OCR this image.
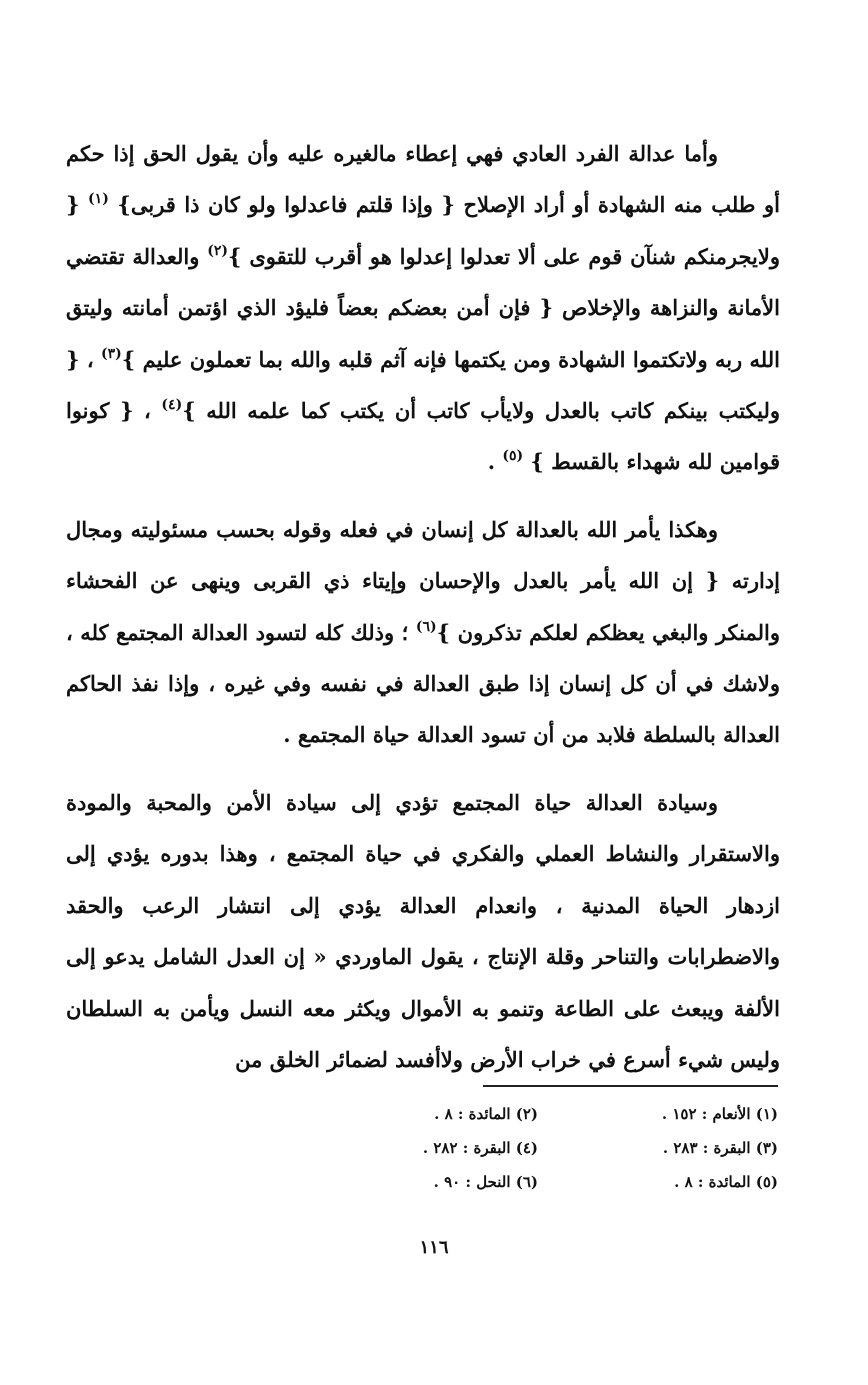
وأما عدالة الفرد العادي فهي إعطاء مالغيره عليه وأن يقول الحق إذا حكم أو طلب منه الشهادة أو أراد الإصلاح { وإذا قلتم فاعدلوا ولو كان ذا قربى} $^{(١)}$ { ولايجرمنكم شنآن قوم على ألا تعدلوا إعدلوا هو أقرب للتقوى }$^{(٢)}$ والعدالة تقتضي الأمانة والنزاهة والإخلاص { فإن أمن بعضكم بعضاً فليؤد الذي اؤتمن أمانته وليتق الله ربه ولاتكتموا الشهادة ومن يكتمها فإنه آثم قلبه والله بما تعملون عليم }$^{(٣)}$ ، { وليكتب بينكم كاتب بالعدل ولايأب كاتب أن يكتب كما علمه الله }$^{(٤)}$ ، { كونوا قوامين لله شهداء بالقسط } $^{(٥)}$ .

وهكذا يأمر الله بالعدالة كل إنسان في فعله وقوله بحسب مسئوليته ومجال إدارته { إن الله يأمر بالعدل والإحسان وإيتاء ذي القربى وينهى عن الفحشاء والمنكر والبغي يعظكم لعلكم تذكرون }$^{(٦)}$ ؛ وذلك كله لتسود العدالة المجتمع كله ، ولاشك في أن كل إنسان إذا طبق العدالة في نفسه وفي غيره ، وإذا نفذ الحاكم العدالة بالسلطة فلابد من أن تسود العدالة حياة المجتمع .

وسيادة العدالة حياة المجتمع تؤدي إلى سيادة الأمن والمحبة والمودة والاستقرار والنشاط العملي والفكري في حياة المجتمع ، وهذا بدوره يؤدي إلى ازدهار الحياة المدنية ، وانعدام العدالة يؤدي إلى انتشار الرعب والحقد والاضطرابات والتناحر وقلة الإنتاج ، يقول الماوردي « إن العدل الشامل يدعو إلى الألفة ويبعث على الطاعة وتنمو به الأموال ويكثر معه النسل ويأمن به السلطان وليس شيء أسرع في خراب الأرض ولاأفسد لضمائر الخلق من

(١) الأنعام : ١٥٢ .
(٢) المائدة : ٨ .
(٣) البقرة : ٢٨٣ .
(٤) البقرة : ٢٨٢ .
(٥) المائدة : ٨ .
(٦) النحل : ٩٠ .
١١٦
